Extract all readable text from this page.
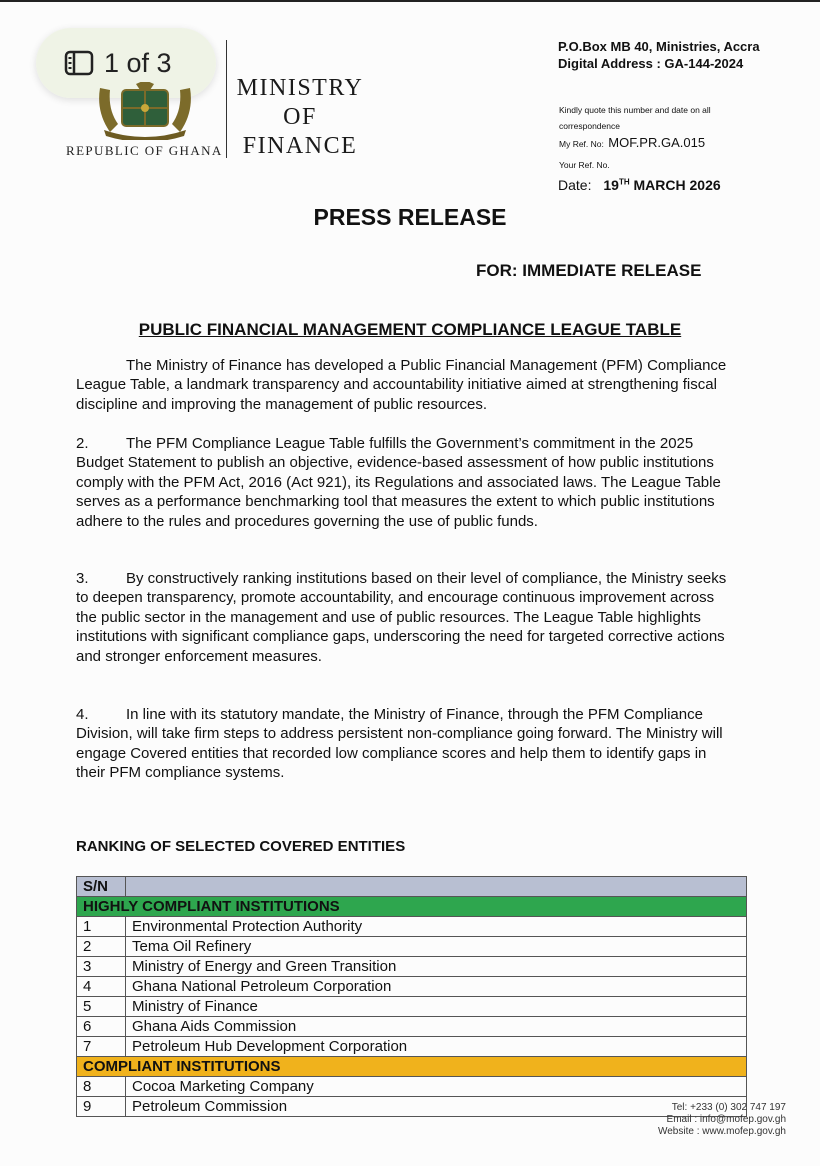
1 of 3
REPUBLIC OF GHANA
MINISTRY
OF
FINANCE
P.O.Box MB 40, Ministries, Accra
Digital Address : GA-144-2024
Kindly quote this number and date on all
correspondence
My Ref. No: MOF.PR.GA.015
Your Ref. No.
Date: 19TH MARCH 2026
PRESS RELEASE
FOR: IMMEDIATE RELEASE
PUBLIC FINANCIAL MANAGEMENT COMPLIANCE LEAGUE TABLE

The Ministry of Finance has developed a Public Financial Management (PFM) Compliance League Table, a landmark transparency and accountability initiative aimed at strengthening fiscal discipline and improving the management of public resources.

2. The PFM Compliance League Table fulfills the Government’s commitment in the 2025 Budget Statement to publish an objective, evidence-based assessment of how public institutions comply with the PFM Act, 2016 (Act 921), its Regulations and associated laws. The League Table serves as a performance benchmarking tool that measures the extent to which public institutions adhere to the rules and procedures governing the use of public funds.

3. By constructively ranking institutions based on their level of compliance, the Ministry seeks to deepen transparency, promote accountability, and encourage continuous improvement across the public sector in the management and use of public resources. The League Table highlights institutions with significant compliance gaps, underscoring the need for targeted corrective actions and stronger enforcement measures.

4. In line with its statutory mandate, the Ministry of Finance, through the PFM Compliance Division, will take firm steps to address persistent non-compliance going forward. The Ministry will engage Covered entities that recorded low compliance scores and help them to identify gaps in their PFM compliance systems.

RANKING OF SELECTED COVERED ENTITIES
S/N	
HIGHLY COMPLIANT INSTITUTIONS	
1	Environmental Protection Authority
2	Tema Oil Refinery
3	Ministry of Energy and Green Transition
4	Ghana National Petroleum Corporation
5	Ministry of Finance
6	Ghana Aids Commission
7	Petroleum Hub Development Corporation
COMPLIANT INSTITUTIONS	
8	Cocoa Marketing Company
9	Petroleum Commission	Tel: +233 (0) 302 747 197
Email : info@mofep.gov.gh
Website : www.mofep.gov.gh
